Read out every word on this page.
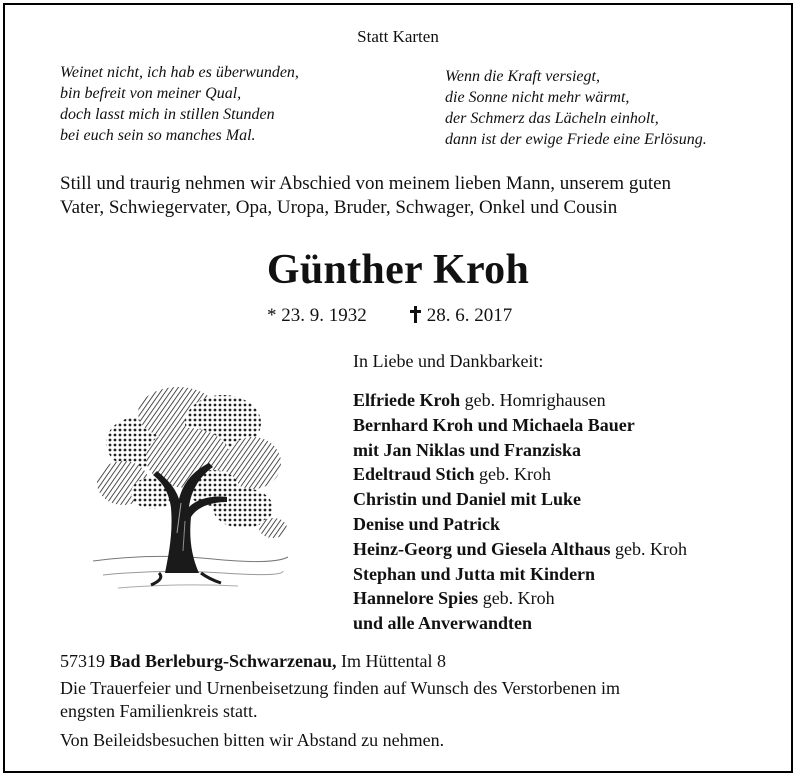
Statt Karten
Weinet nicht, ich hab es überwunden,
bin befreit von meiner Qual,
doch lasst mich in stillen Stunden
bei euch sein so manches Mal.
Wenn die Kraft versiegt,
die Sonne nicht mehr wärmt,
der Schmerz das Lächeln einholt,
dann ist der ewige Friede eine Erlösung.
Still und traurig nehmen wir Abschied von meinem lieben Mann, unserem guten
Vater, Schwiegervater, Opa, Uropa, Bruder, Schwager, Onkel und Cousin
Günther Kroh
* 23. 9. 1932	28. 6. 2017
In Liebe und Dankbarkeit:
Elfriede Kroh geb. Homrighausen
Bernhard Kroh und Michaela Bauer
mit Jan Niklas und Franziska
Edeltraud Stich geb. Kroh
Christin und Daniel mit Luke
Denise und Patrick
Heinz-Georg und Giesela Althaus geb. Kroh
Stephan und Jutta mit Kindern
Hannelore Spies geb. Kroh
und alle Anverwandten
57319 Bad Berleburg-Schwarzenau, Im Hüttental 8
Die Trauerfeier und Urnenbeisetzung finden auf Wunsch des Verstorbenen im
engsten Familienkreis statt.
Von Beileidsbesuchen bitten wir Abstand zu nehmen.
